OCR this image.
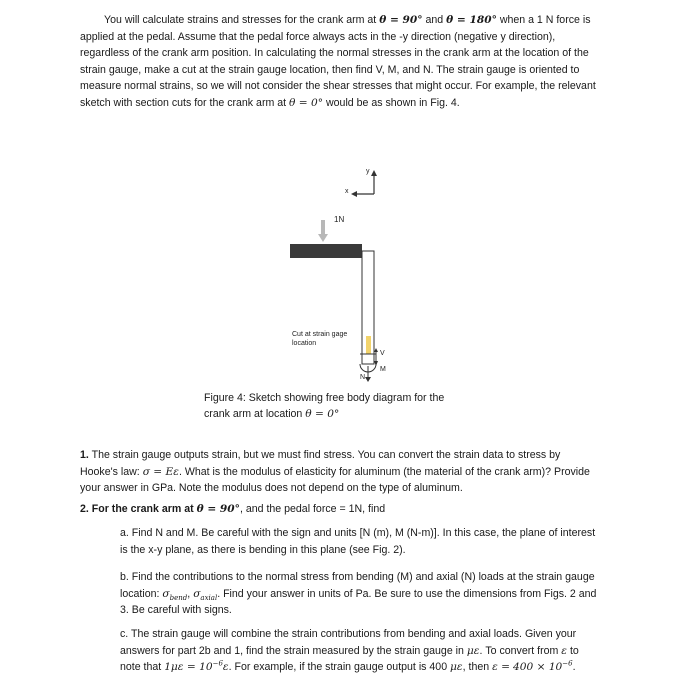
You will calculate strains and stresses for the crank arm at θ = 90° and θ = 180° when a 1 N force is applied at the pedal. Assume that the pedal force always acts in the -y direction (negative y direction), regardless of the crank arm position. In calculating the normal stresses in the crank arm at the location of the strain gauge, make a cut at the strain gauge location, then find V, M, and N. The strain gauge is oriented to measure normal strains, so we will not consider the shear stresses that might occur. For example, the relevant sketch with section cuts for the crank arm at θ = 0° would be as shown in Fig. 4.

1N
y
x
Cut at strain gage
location
V
M
N
Figure 4: Sketch showing free body diagram for the
crank arm at location θ = 0°

1. The strain gauge outputs strain, but we must find stress. You can convert the strain data to stress by Hooke's law: σ = Eε. What is the modulus of elasticity for aluminum (the material of the crank arm)? Provide your answer in GPa. Note the modulus does not depend on the type of aluminum.

2. For the crank arm at θ = 90°, and the pedal force = 1N, find

a. Find N and M. Be careful with the sign and units [N (m), M (N-m)]. In this case, the plane of interest is the x-y plane, as there is bending in this plane (see Fig. 2).

b. Find the contributions to the normal stress from bending (M) and axial (N) loads at the strain gauge location: $\sigma_{bend}$, $\sigma_{axial}$. Find your answer in units of Pa. Be sure to use the dimensions from Figs. 2 and 3. Be careful with signs.

c. The strain gauge will combine the strain contributions from bending and axial loads. Given your answers for part 2b and 1, find the strain measured by the strain gauge in με. To convert from ε to note that $1\mu\varepsilon = 10^{-6}\varepsilon$. For example, if the strain gauge output is 400 με, then $\varepsilon = 400 \times 10^{-6}$.
